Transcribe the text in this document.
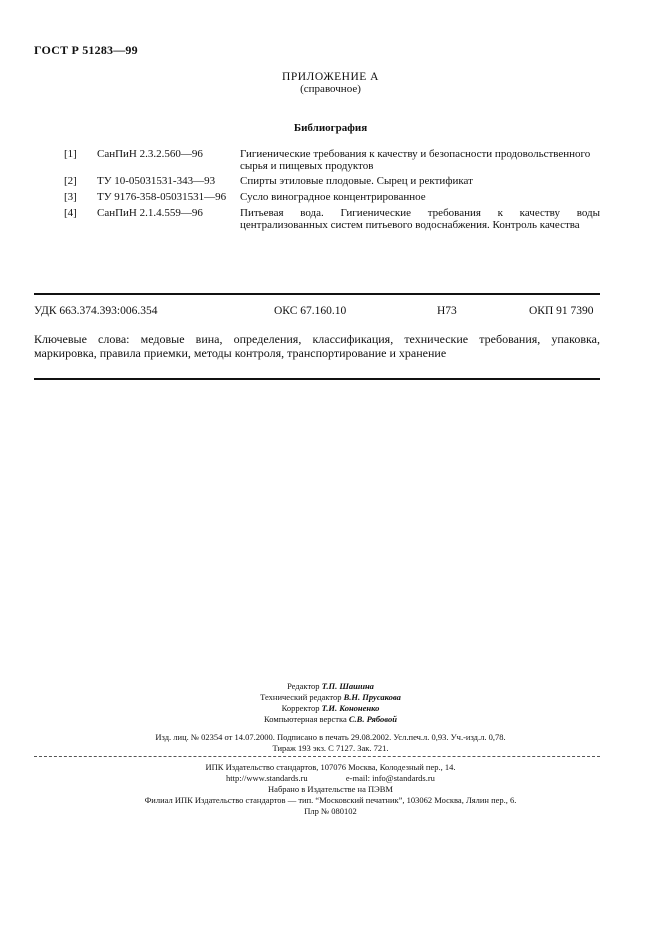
ГОСТ Р 51283—99
ПРИЛОЖЕНИЕ А
(справочное)
Библиография
[1] СанПиН 2.3.2.560—96	Гигиенические требования к качеству и безопасности продовольственного
сырья и пищевых продуктов
[2] ТУ 10-05031531-343—93 Спирты этиловые плодовые. Сырец и ректификат
[3] ТУ 9176-358-05031531—96 Сусло виноградное концентрированное
[4] СанПиН 2.1.4.559—96	Питьевая вода. Гигиенические требования к качеству воды
централизованных систем питьевого водоснабжения. Контроль качества
УДК 663.374.393:006.354	ОКС 67.160.10	Н73	ОКП 91 7390
Ключевые слова: медовые вина, определения, классификация, технические требования, упаковка, маркировка, правила приемки, методы контроля, транспортирование и хранение
Редактор Т.П. Шашина
Технический редактор В.Н. Прусакова
Корректор Т.И. Кононенко
Компьютерная верстка С.В. Рябовой
Изд. лиц. № 02354 от 14.07.2000. Подписано в печать 29.08.2002. Усл.печ.л. 0,93. Уч.-изд.л. 0,78.
Тираж 193 экз. С 7127. Зак. 721.
ИПК Издательство стандартов, 107076 Москва, Колодезный пер., 14.
http://www.standards.ru	e-mail: info@standards.ru
Набрано в Издательстве на ПЭВМ
Филиал ИПК Издательство стандартов — тип. “Московский печатник”, 103062 Москва, Лялин пер., 6.
Плр № 080102
